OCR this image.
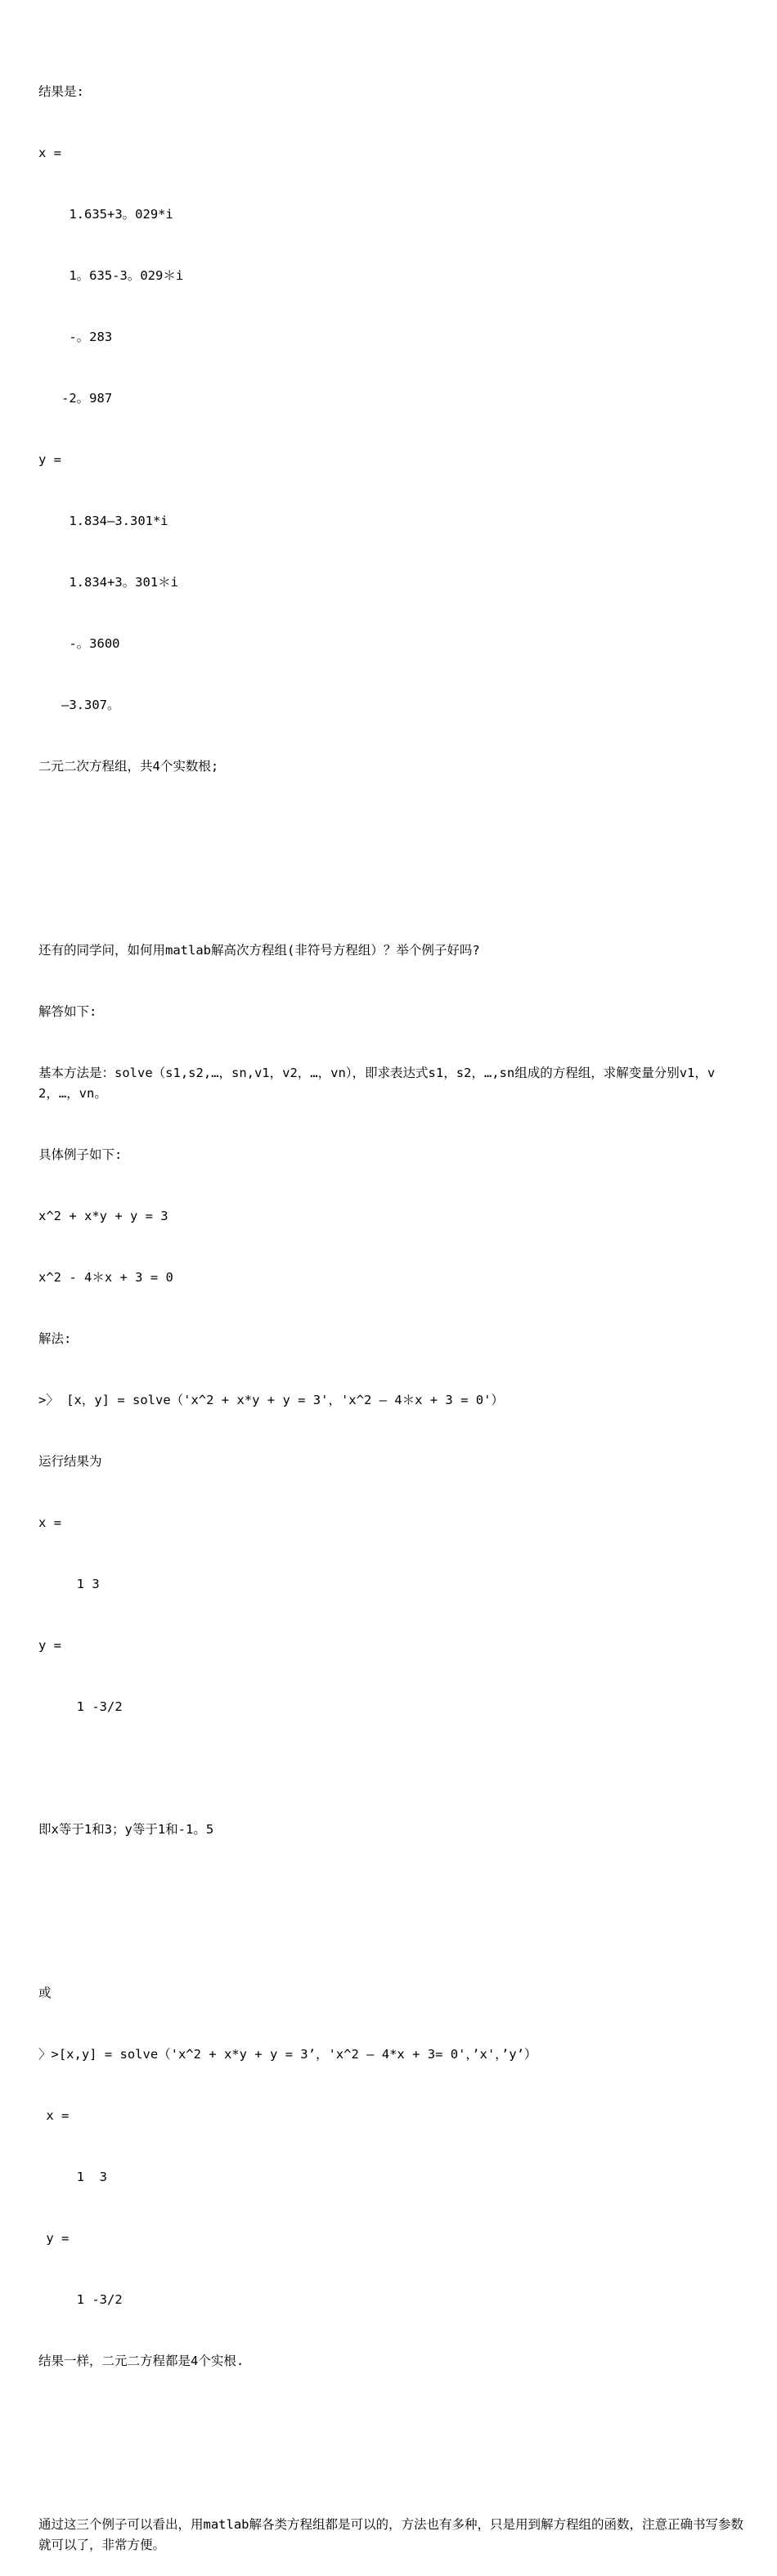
结果是:

x =

1.635+3。029*i

1。635-3。029＊i

-。283

-2。987

y =

1.834—3.301*i

1.834+3。301＊i

-。3600

—3.307。

二元二次方程组，共4个实数根;

还有的同学问，如何用matlab解高次方程组(非符号方程组）？举个例子好吗?

解答如下:

基本方法是：solve（s1,s2,…，sn,v1，v2，…，vn），即求表达式s1，s2，…,sn组成的方程组，求解变量分别v1，v2，…，vn。

具体例子如下:

x^2 + x*y + y = 3

x^2 - 4＊x + 3 = 0

解法:

>〉 [x，y] = solve（'x^2 + x*y + y = 3'，'x^2 — 4＊x + 3 = 0'）

运行结果为

x =

1 3

y =

1 -3/2

即x等于1和3；y等于1和-1。5

或

〉>[x,y] = solve（'x^2 + x*y + y = 3’，'x^2 — 4*x + 3= 0'，’x'，’y’）

x =

1  3

y =

1 -3/2

结果一样，二元二方程都是4个实根.

通过这三个例子可以看出，用matlab解各类方程组都是可以的，方法也有多种，只是用到解方程组的函数，注意正确书写参数就可以了，非常方便。
